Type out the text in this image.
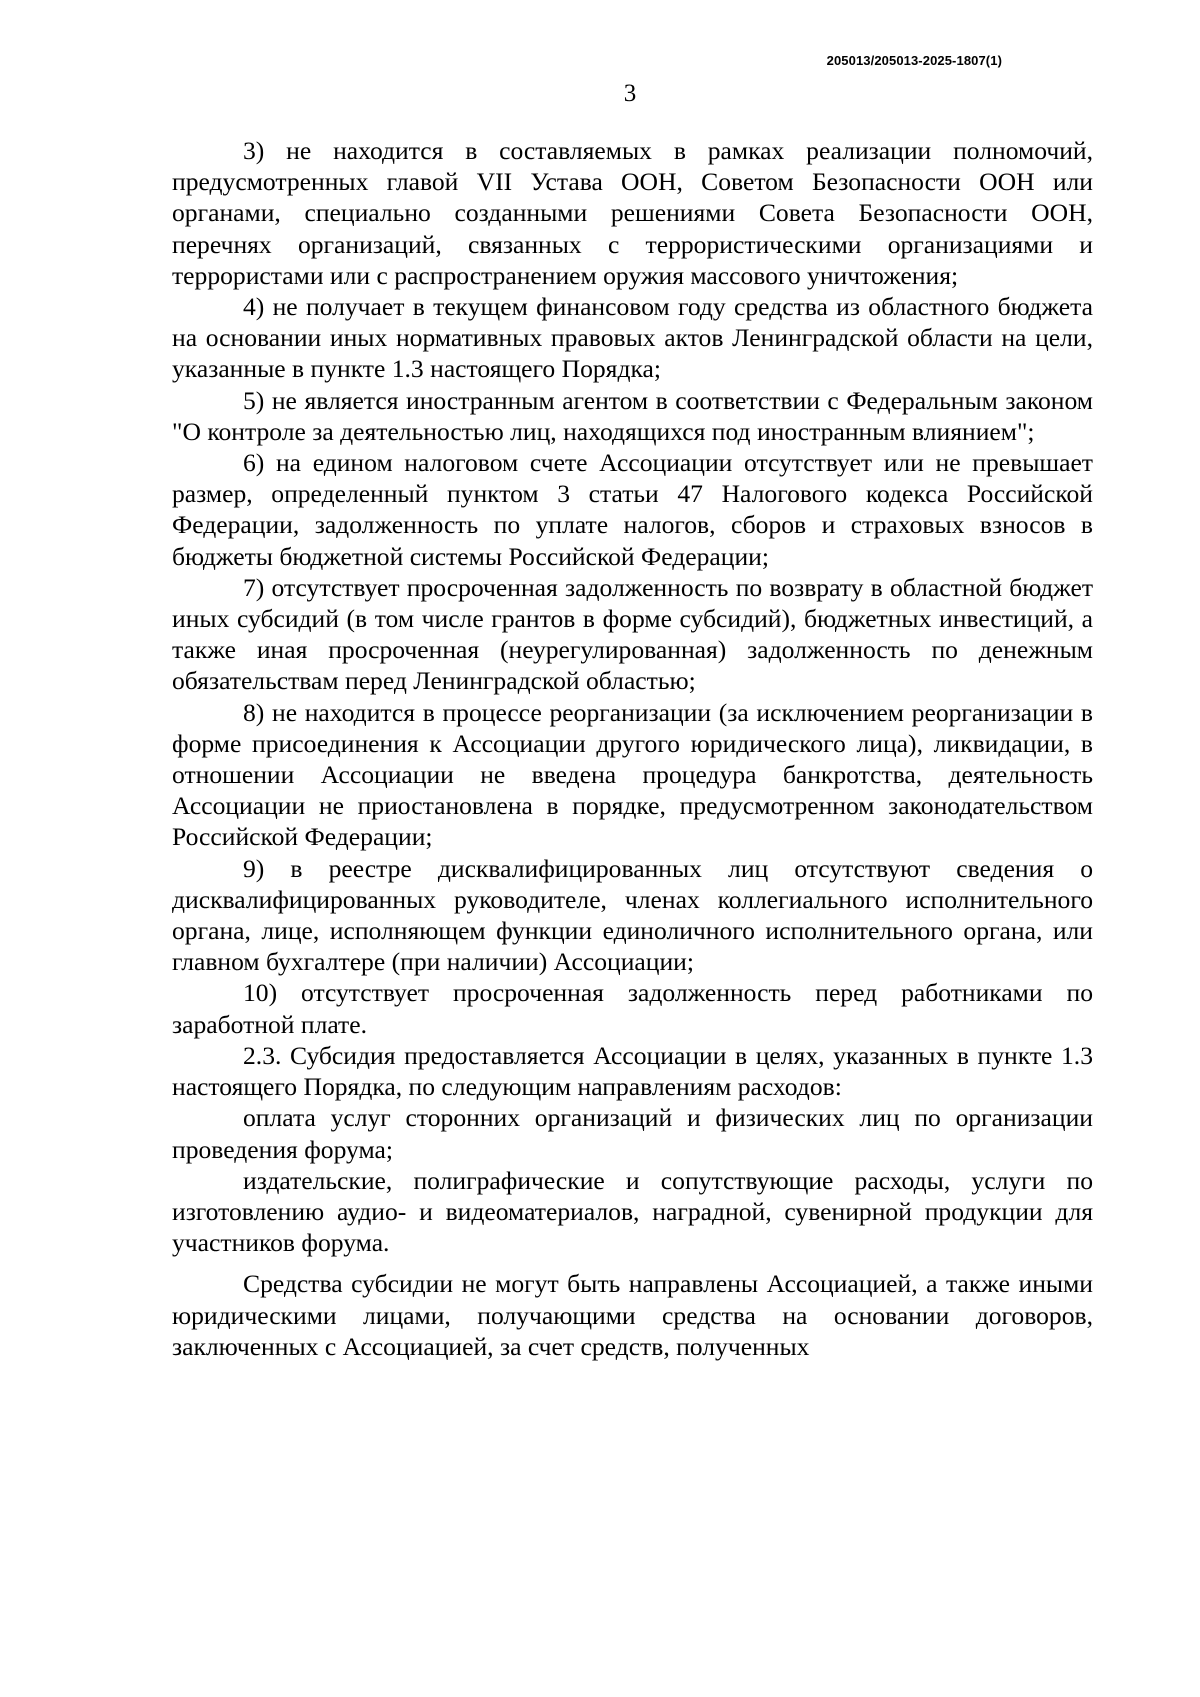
205013/205013-2025-1807(1)
3

3) не находится в составляемых в рамках реализации полномочий, предусмотренных главой VII Устава ООН, Советом Безопасности ООН или органами, специально созданными решениями Совета Безопасности ООН, перечнях организаций, связанных с террористическими организациями и террористами или с распространением оружия массового уничтожения;

4) не получает в текущем финансовом году средства из областного бюджета на основании иных нормативных правовых актов Ленинградской области на цели, указанные в пункте 1.3 настоящего Порядка;

5) не является иностранным агентом в соответствии с Федеральным законом "О контроле за деятельностью лиц, находящихся под иностранным влиянием";

6) на едином налоговом счете Ассоциации отсутствует или не превышает размер, определенный пунктом 3 статьи 47 Налогового кодекса Российской Федерации, задолженность по уплате налогов, сборов и страховых взносов в бюджеты бюджетной системы Российской Федерации;

7) отсутствует просроченная задолженность по возврату в областной бюджет иных субсидий (в том числе грантов в форме субсидий), бюджетных инвестиций, а также иная просроченная (неурегулированная) задолженность по денежным обязательствам перед Ленинградской областью;

8) не находится в процессе реорганизации (за исключением реорганизации в форме присоединения к Ассоциации другого юридического лица), ликвидации, в отношении Ассоциации не введена процедура банкротства, деятельность Ассоциации не приостановлена в порядке, предусмотренном законодательством Российской Федерации;

9) в реестре дисквалифицированных лиц отсутствуют сведения о дисквалифицированных руководителе, членах коллегиального исполнительного органа, лице, исполняющем функции единоличного исполнительного органа, или главном бухгалтере (при наличии) Ассоциации;

10) отсутствует просроченная задолженность перед работниками по заработной плате.

2.3. Субсидия предоставляется Ассоциации в целях, указанных в пункте 1.3 настоящего Порядка, по следующим направлениям расходов:

оплата услуг сторонних организаций и физических лиц по организации проведения форума;

издательские, полиграфические и сопутствующие расходы, услуги по изготовлению аудио- и видеоматериалов, наградной, сувенирной продукции для участников форума.

Средства субсидии не могут быть направлены Ассоциацией, а также иными юридическими лицами, получающими средства на основании договоров, заключенных с Ассоциацией, за счет средств, полученных
